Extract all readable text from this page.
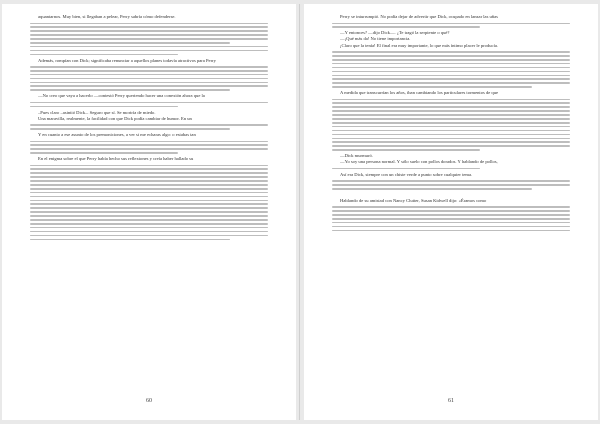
aquantarnos. Muy bien, si llegaban a pelear, Perry sabría cómo defenderse.

Además, rompían con Dick; significaba renunciar a aquellos planes todavía atractivos para Perry

—No creo que vaya a hacerlo —contestó Perry queriendo hacer una conexión ahora que la

–Pues claro –asintió Dick–. Seguro que sí. Se moriría de miedo.

Una maravilla, realmente, la facilidad con que Dick podía cambiar de humor. En un

Y en cuanto a ese asunto de los premoniciones, a ver si me echaras algo: o estabas tan

En el enigma sobre el que Perry había hecho sus reflexiones y creía haber hallado su

60

Perry se inturrumpió. No podía dejar de advertir que Dick, ocupado en lanzar las uñas

—Y entonces? —dijo Dick—. ¿Te tragó la serpiente o qué?

—¡Qué más da! No tiene importancia.

¡Claro que la tenía! El final era muy importante, lo que más íntimo placer le producía.

A medida que transcurrían los años, iban cambiando los particulares tormentos de que

—Dick murmuró.

—Yo soy una persona normal. Y sólo suelo con pollos dorados. Y hablando de pollos,

Así era Dick, siempre con un chiste verde a punto sobre cualquier tema.

Hablando de su amistad con Nancy Clutter, Susan Kidwell dijo: «Éramos como

61
